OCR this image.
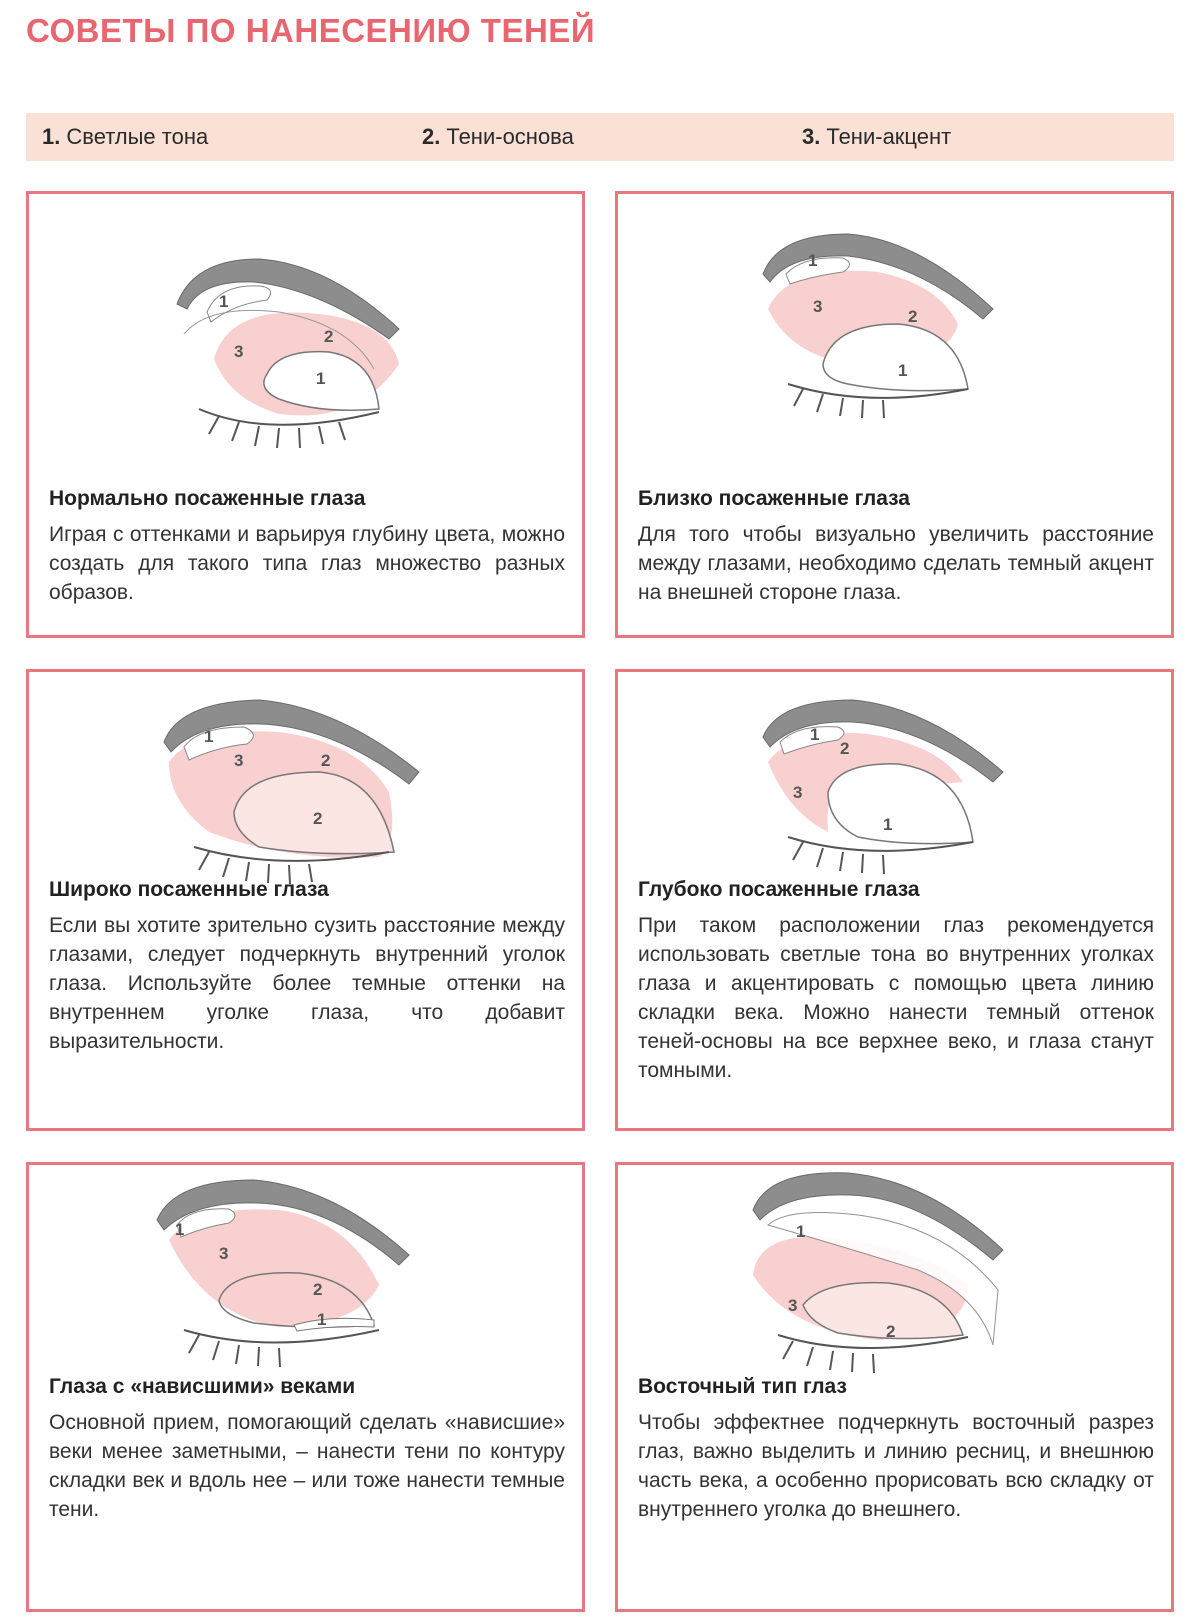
СОВЕТЫ ПО НАНЕСЕНИЮ ТЕНЕЙ
1. Светлые тона	2. Тени-основа	3. Тени-акцент
1
2
3
1
Нормально посаженные глаза

Играя с оттенками и варьируя глубину цвета, можно создать для такого типа глаз множество разных образов.

1
3
2
1
Близко посаженные глаза

Для того чтобы визуально увеличить расстояние между глазами, необходимо сделать темный акцент на внешней стороне глаза.

1
3	2
2
Широко посаженные глаза

Если вы хотите зрительно сузить расстояние между глазами, следует подчеркнуть внутренний уголок глаза. Используйте более темные оттенки на внутреннем уголке глаза, что добавит выразительности.

1
2
3
1
Глубоко посаженные глаза

При таком расположении глаз рекомендуется использовать светлые тона во внутренних уголках глаза и акцентировать с помощью цвета линию складки века. Можно нанести темный оттенок теней-основы на все верхнее веко, и глаза станут томными.

1
3
2
1
Глаза с «нависшими» веками

Основной прием, помогающий сделать «нависшие» веки менее заметными, – нанести тени по контуру складки век и вдоль нее – или тоже нанести темные тени.

1
3
2
Восточный тип глаз

Чтобы эффектнее подчеркнуть восточный разрез глаз, важно выделить и линию ресниц, и внешнюю часть века, а особенно прорисовать всю складку от внутреннего уголка до внешнего.
